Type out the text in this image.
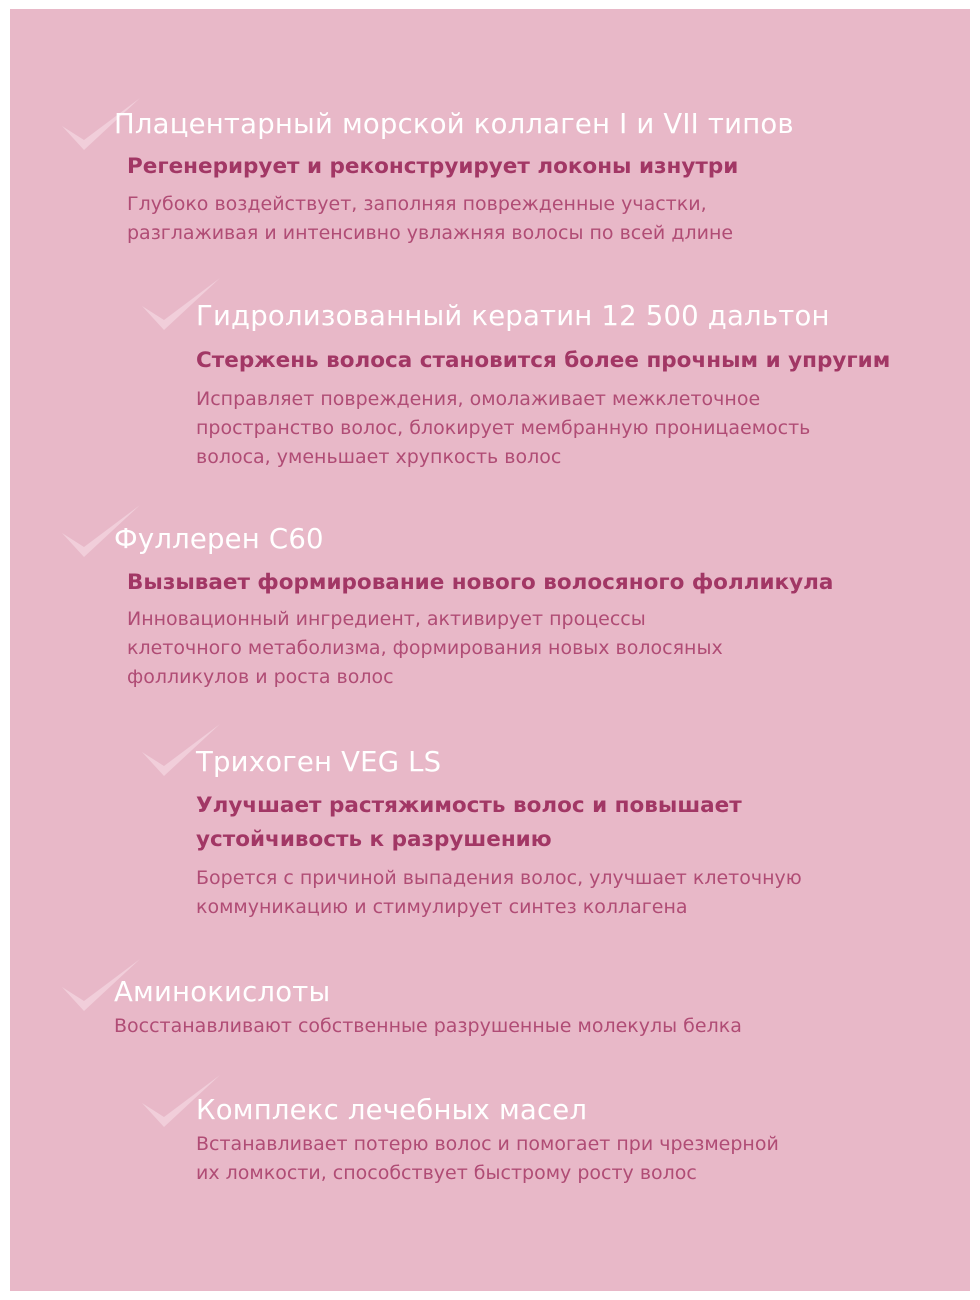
Плацентарный морской коллаген I и VII типов
Регенерирует и реконструирует локоны изнутри
Глубоко воздействует, заполняя поврежденные участки,
разглаживая и интенсивно увлажняя волосы по всей длине
Гидролизованный кератин 12 500 дальтон
Стержень волоса становится более прочным и упругим
Исправляет повреждения, омолаживает межклеточное
пространство волос, блокирует мембранную проницаемость
волоса, уменьшает хрупкость волос
Фуллерен С60
Вызывает формирование нового волосяного фолликула
Инновационный ингредиент, активирует процессы
клеточного метаболизма, формирования новых волосяных
фолликулов и роста волос
Трихоген VEG LS
Улучшает растяжимость волос и повышает
устойчивость к разрушению
Борется с причиной выпадения волос, улучшает клеточную
коммуникацию и стимулирует синтез коллагена
Аминокислоты
Восстанавливают собственные разрушенные молекулы белка
Комплекс лечебных масел
Встанавливает потерю волос и помогает при чрезмерной
их ломкости, способствует быстрому росту волос
